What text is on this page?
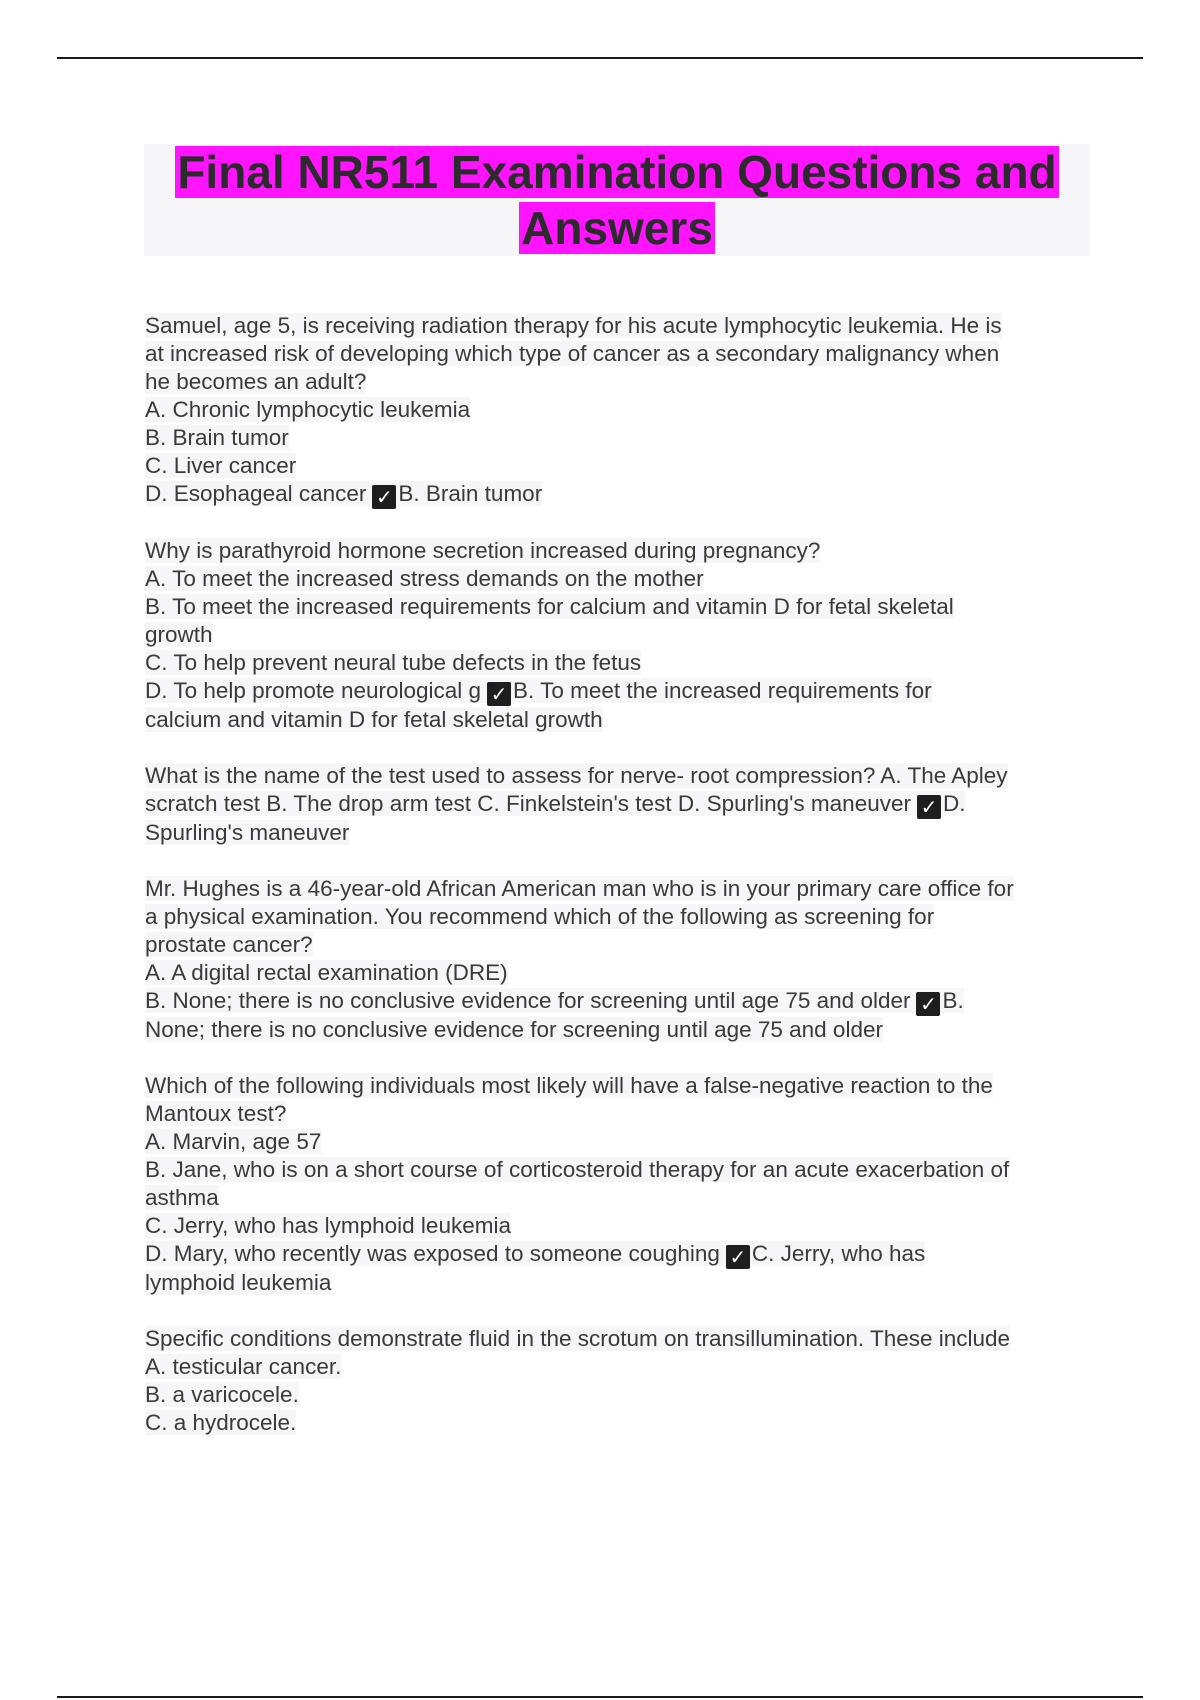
Final NR511 Examination Questions and
Answers
Samuel, age 5, is receiving radiation therapy for his acute lymphocytic leukemia. He is
at increased risk of developing which type of cancer as a secondary malignancy when
he becomes an adult?
A. Chronic lymphocytic leukemia
B. Brain tumor
C. Liver cancer
D. Esophageal cancer ✓ B. Brain tumor
Why is parathyroid hormone secretion increased during pregnancy?
A. To meet the increased stress demands on the mother
B. To meet the increased requirements for calcium and vitamin D for fetal skeletal
growth
C. To help prevent neural tube defects in the fetus
D. To help promote neurological g ✓ B. To meet the increased requirements for
calcium and vitamin D for fetal skeletal growth
What is the name of the test used to assess for nerve- root compression? A. The Apley
scratch test B. The drop arm test C. Finkelstein's test D. Spurling's maneuver ✓ D.
Spurling's maneuver
Mr. Hughes is a 46-year-old African American man who is in your primary care office for
a physical examination. You recommend which of the following as screening for
prostate cancer?
A. A digital rectal examination (DRE)
B. None; there is no conclusive evidence for screening until age 75 and older ✓ B.
None; there is no conclusive evidence for screening until age 75 and older
Which of the following individuals most likely will have a false-negative reaction to the
Mantoux test?
A. Marvin, age 57
B. Jane, who is on a short course of corticosteroid therapy for an acute exacerbation of
asthma
C. Jerry, who has lymphoid leukemia
D. Mary, who recently was exposed to someone coughing ✓ C. Jerry, who has
lymphoid leukemia
Specific conditions demonstrate fluid in the scrotum on transillumination. These include
A. testicular cancer.
B. a varicocele.
C. a hydrocele.
